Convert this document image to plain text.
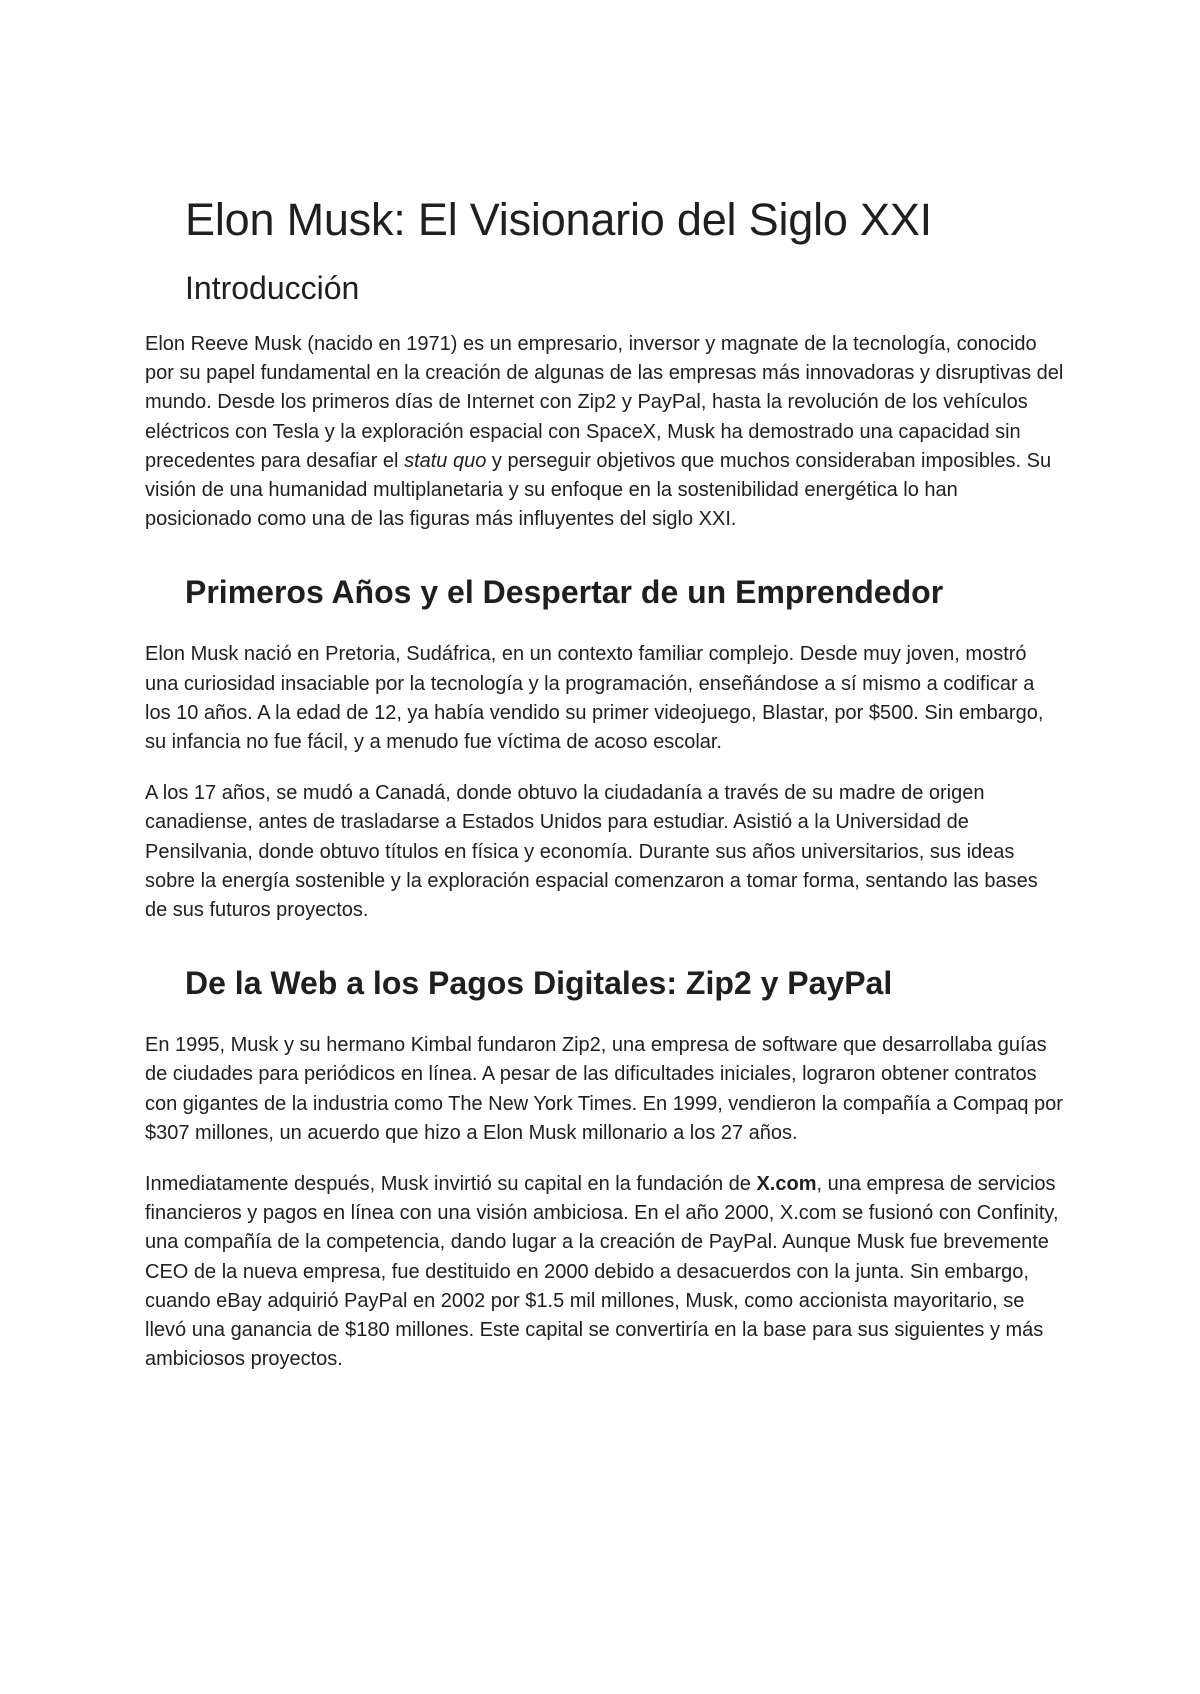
Elon Musk: El Visionario del Siglo XXI
Introducción

Elon Reeve Musk (nacido en 1971) es un empresario, inversor y magnate de la tecnología, conocido por su papel fundamental en la creación de algunas de las empresas más innovadoras y disruptivas del mundo. Desde los primeros días de Internet con Zip2 y PayPal, hasta la revolución de los vehículos eléctricos con Tesla y la exploración espacial con SpaceX, Musk ha demostrado una capacidad sin precedentes para desafiar el statu quo y perseguir objetivos que muchos consideraban imposibles. Su visión de una humanidad multiplanetaria y su enfoque en la sostenibilidad energética lo han posicionado como una de las figuras más influyentes del siglo XXI.

Primeros Años y el Despertar de un Emprendedor

Elon Musk nació en Pretoria, Sudáfrica, en un contexto familiar complejo. Desde muy joven, mostró una curiosidad insaciable por la tecnología y la programación, enseñándose a sí mismo a codificar a los 10 años. A la edad de 12, ya había vendido su primer videojuego, Blastar, por $500. Sin embargo, su infancia no fue fácil, y a menudo fue víctima de acoso escolar.

A los 17 años, se mudó a Canadá, donde obtuvo la ciudadanía a través de su madre de origen canadiense, antes de trasladarse a Estados Unidos para estudiar. Asistió a la Universidad de Pensilvania, donde obtuvo títulos en física y economía. Durante sus años universitarios, sus ideas sobre la energía sostenible y la exploración espacial comenzaron a tomar forma, sentando las bases de sus futuros proyectos.

De la Web a los Pagos Digitales: Zip2 y PayPal

En 1995, Musk y su hermano Kimbal fundaron Zip2, una empresa de software que desarrollaba guías de ciudades para periódicos en línea. A pesar de las dificultades iniciales, lograron obtener contratos con gigantes de la industria como The New York Times. En 1999, vendieron la compañía a Compaq por $307 millones, un acuerdo que hizo a Elon Musk millonario a los 27 años.

Inmediatamente después, Musk invirtió su capital en la fundación de X.com, una empresa de servicios financieros y pagos en línea con una visión ambiciosa. En el año 2000, X.com se fusionó con Confinity, una compañía de la competencia, dando lugar a la creación de PayPal. Aunque Musk fue brevemente CEO de la nueva empresa, fue destituido en 2000 debido a desacuerdos con la junta. Sin embargo, cuando eBay adquirió PayPal en 2002 por $1.5 mil millones, Musk, como accionista mayoritario, se llevó una ganancia de $180 millones. Este capital se convertiría en la base para sus siguientes y más ambiciosos proyectos.
